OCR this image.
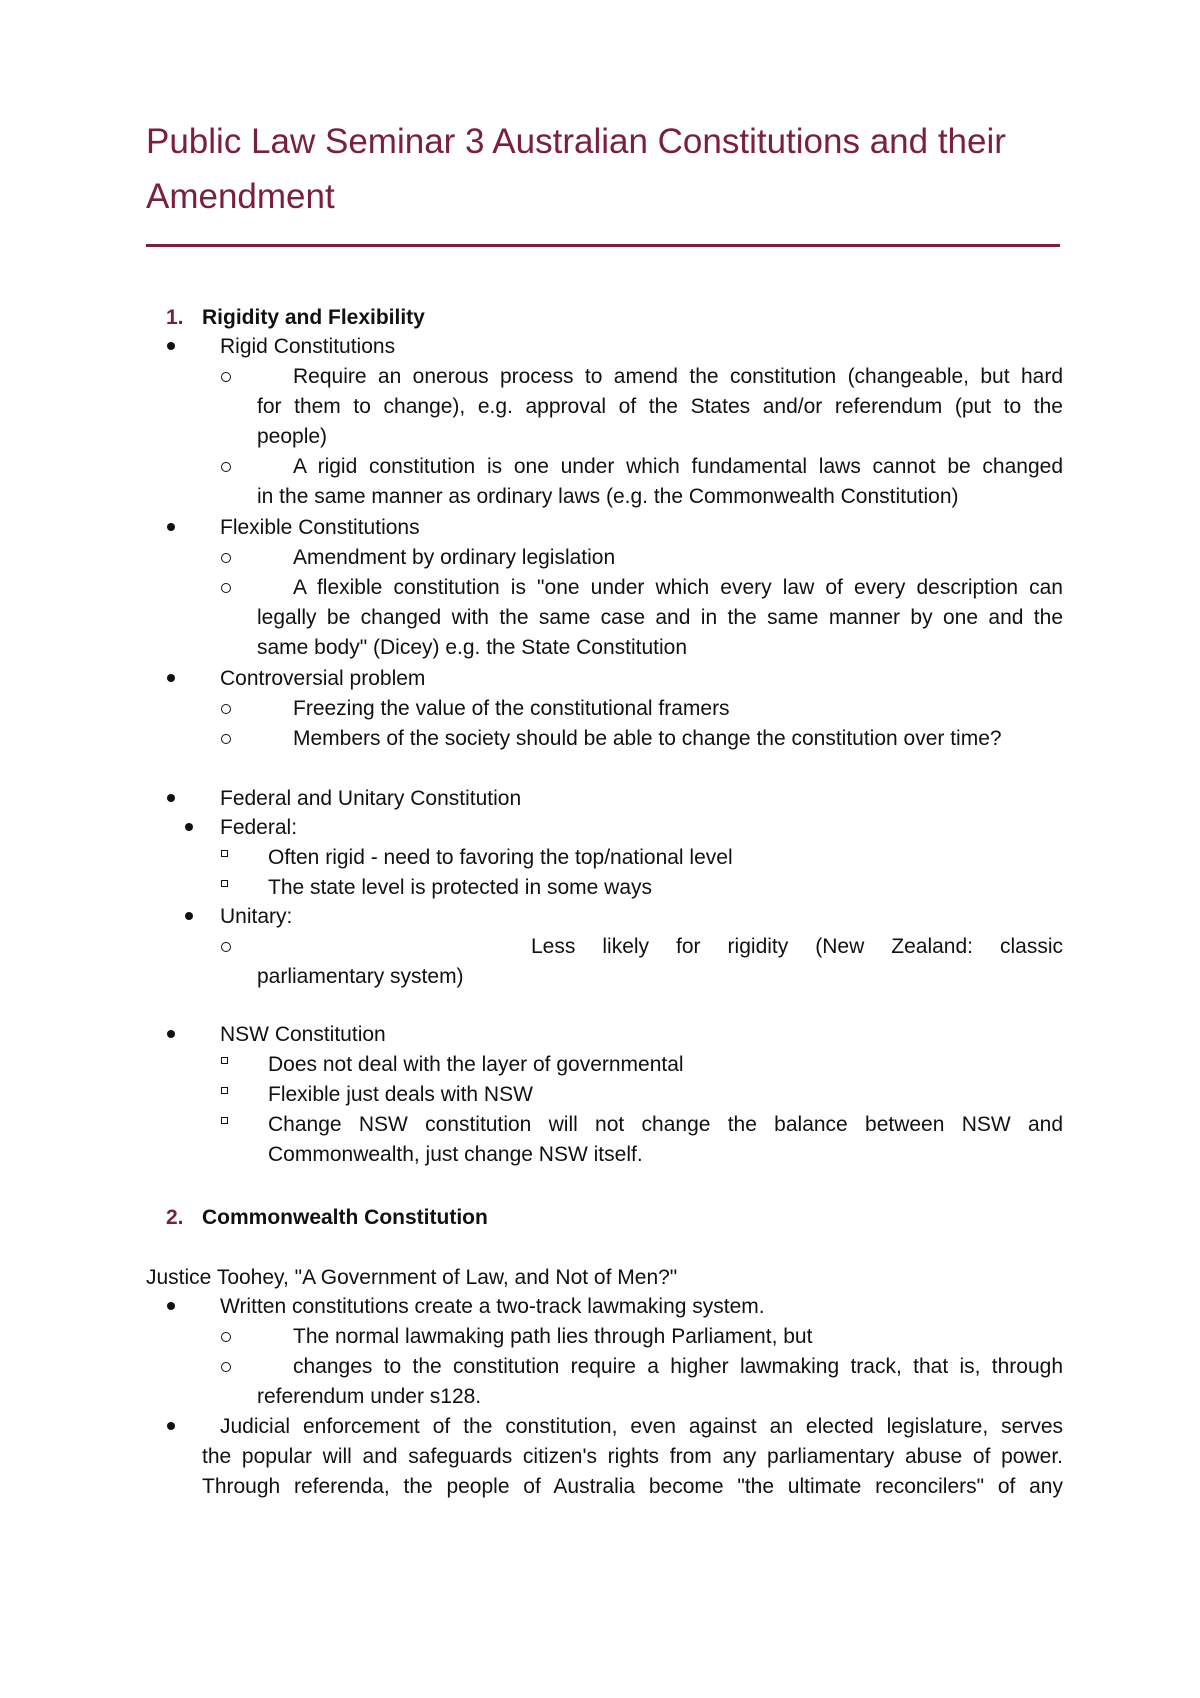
Public Law Seminar 3 Australian Constitutions and their Amendment
1. Rigidity and Flexibility
Rigid Constitutions
Require an onerous process to amend the constitution (changeable, but hard
for them to change), e.g. approval of the States and/or referendum (put to the
people)
A rigid constitution is one under which fundamental laws cannot be changed
in the same manner as ordinary laws (e.g. the Commonwealth Constitution)
Flexible Constitutions
Amendment by ordinary legislation
A flexible constitution is "one under which every law of every description can
legally be changed with the same case and in the same manner by one and the
same body" (Dicey) e.g. the State Constitution
Controversial problem
Freezing the value of the constitutional framers
Members of the society should be able to change the constitution over time?
Federal and Unitary Constitution
Federal:
Often rigid - need to favoring the top/national level
The state level is protected in some ways
Unitary:
Less likely for rigidity (New Zealand: classic
parliamentary system)
NSW Constitution
Does not deal with the layer of governmental
Flexible just deals with NSW
Change NSW constitution will not change the balance between NSW and
Commonwealth, just change NSW itself.
2. Commonwealth Constitution
Justice Toohey, "A Government of Law, and Not of Men?"
Written constitutions create a two-track lawmaking system.
The normal lawmaking path lies through Parliament, but
changes to the constitution require a higher lawmaking track, that is, through
referendum under s128.
Judicial enforcement of the constitution, even against an elected legislature, serves
the popular will and safeguards citizen's rights from any parliamentary abuse of power.
Through referenda, the people of Australia become "the ultimate reconcilers" of any
